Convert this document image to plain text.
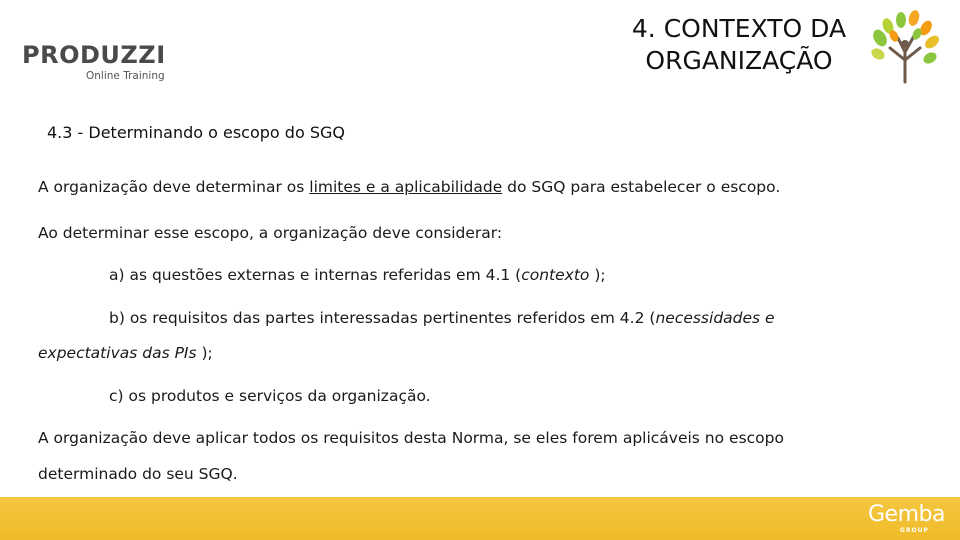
PRODUZZI
Online Training
4. CONTEXTO DA
ORGANIZAÇÃO
4.3 - Determinando o escopo do SGQ
A organização deve determinar os limites e a aplicabilidade do SGQ para estabelecer o escopo.
Ao determinar esse escopo, a organização deve considerar:
a) as questões externas e internas referidas em 4.1 (contexto );
b) os requisitos das partes interessadas pertinentes referidos em 4.2 (necessidades e
expectativas das PIs );
c) os produtos e serviços da organização.
A organização deve aplicar todos os requisitos desta Norma, se eles forem aplicáveis no escopo
determinado do seu SGQ.
Gemba
GROUP
